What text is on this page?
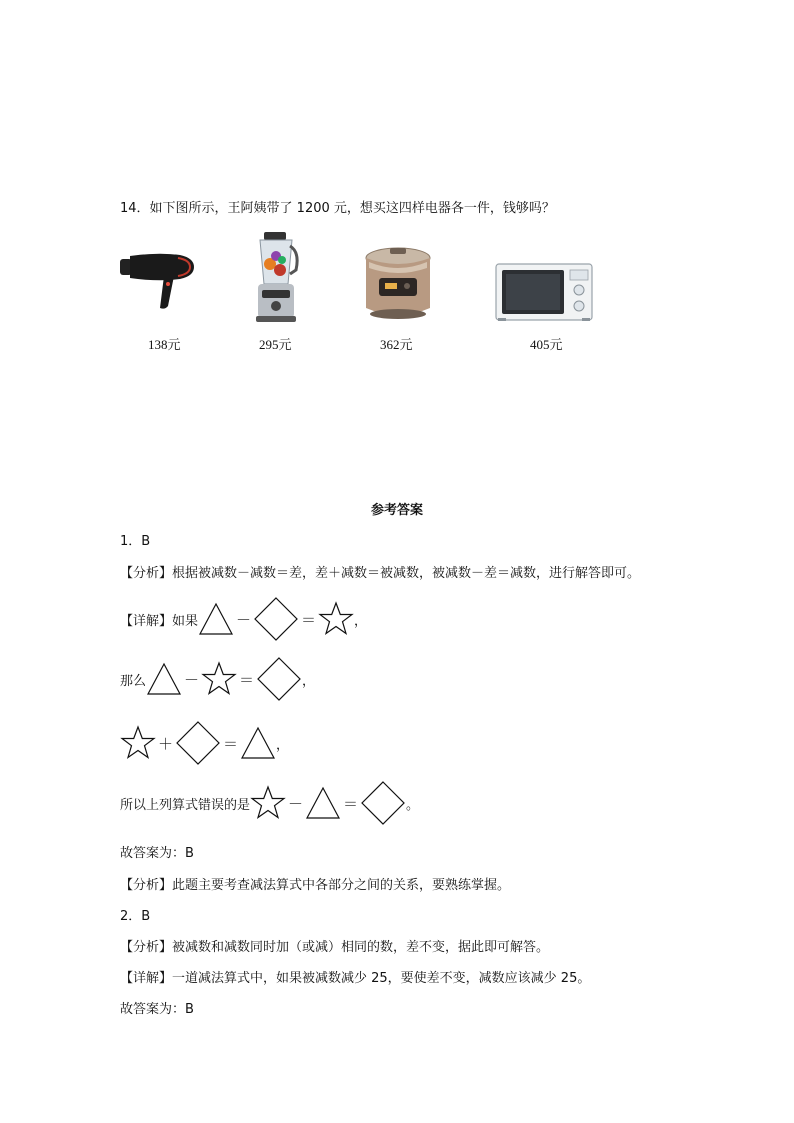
14．如下图所示，王阿姨带了 1200 元，想买这四样电器各一件，钱够吗？
138元	295元	362元	405元
参考答案
1．B
【分析】根据被减数－减数＝差，差＋减数＝被减数，被减数－差＝减数，进行解答即可。
【详解】如果	－	＝	，
那么	－	＝	，
＋	＝	，
所以上列算式错误的是	－	＝	。
故答案为：B
【分析】此题主要考查减法算式中各部分之间的关系，要熟练掌握。
2．B
【分析】被减数和减数同时加（或减）相同的数，差不变，据此即可解答。
【详解】一道减法算式中，如果被减数减少 25，要使差不变，减数应该减少 25。
故答案为：B
